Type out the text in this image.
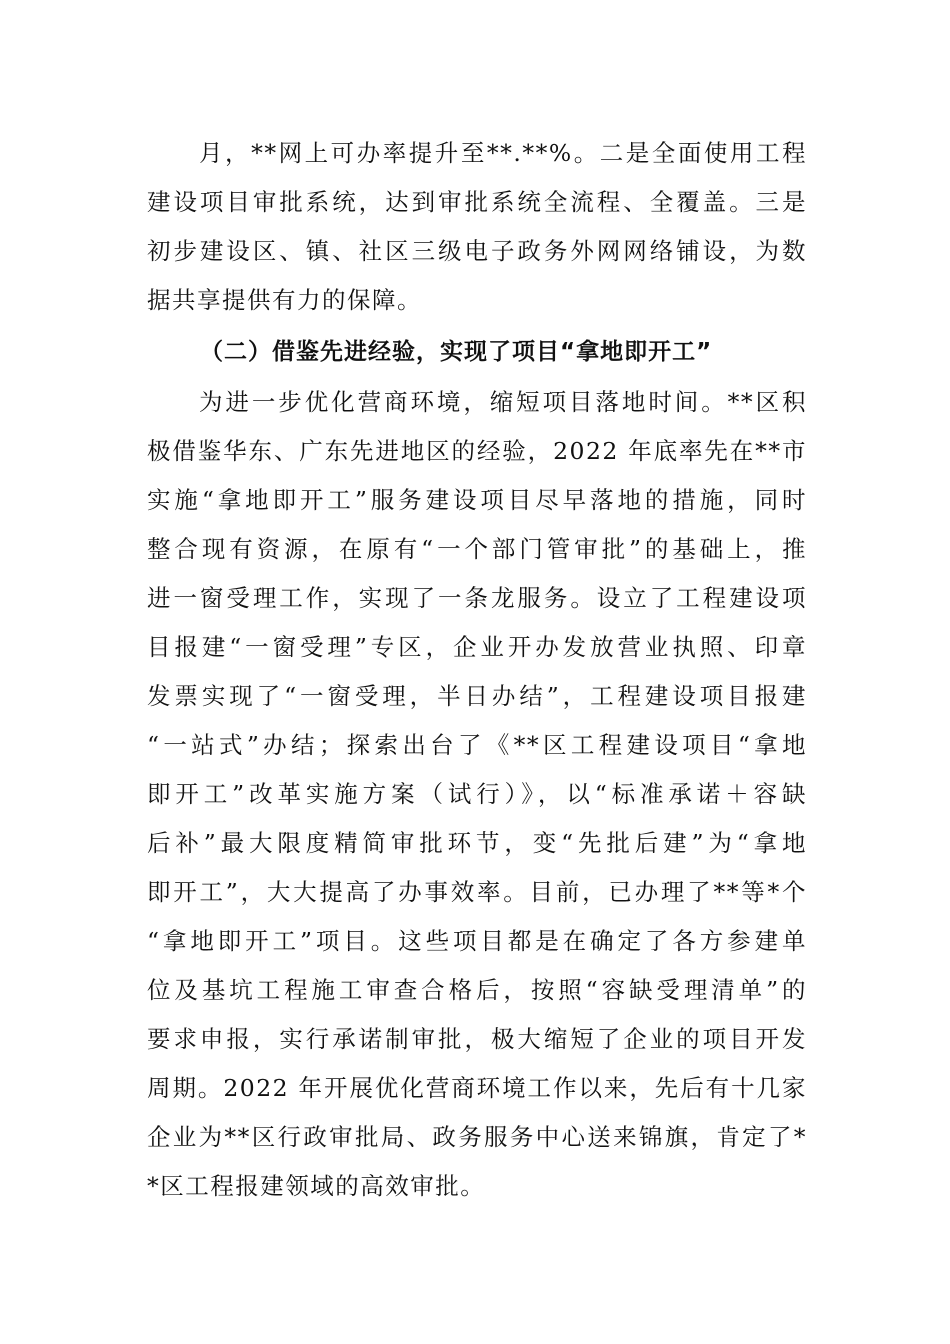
月，**网上可办率提升至**.**%。二是全面使用工程
建设项目审批系统，达到审批系统全流程、全覆盖。三是
初步建设区、镇、社区三级电子政务外网网络铺设，为数
据共享提供有力的保障。
（二）借鉴先进经验，实现了项目“拿地即开工”
为进一步优化营商环境，缩短项目落地时间。**区积
极借鉴华东、广东先进地区的经验，2022 年底率先在**市
实施“拿地即开工”服务建设项目尽早落地的措施，同时
整合现有资源，在原有“一个部门管审批”的基础上，推
进一窗受理工作，实现了一条龙服务。设立了工程建设项
目报建“一窗受理”专区，企业开办发放营业执照、印章
发票实现了“一窗受理，半日办结”，工程建设项目报建
“一站式”办结；探索出台了《**区工程建设项目“拿地
即开工”改革实施方案（试行）》，以“标准承诺＋容缺
后补”最大限度精简审批环节，变“先批后建”为“拿地
即开工”，大大提高了办事效率。目前，已办理了**等*个
“拿地即开工”项目。这些项目都是在确定了各方参建单
位及基坑工程施工审查合格后，按照“容缺受理清单”的
要求申报，实行承诺制审批，极大缩短了企业的项目开发
周期。2022 年开展优化营商环境工作以来，先后有十几家
企业为**区行政审批局、政务服务中心送来锦旗，肯定了*
*区工程报建领域的高效审批。
